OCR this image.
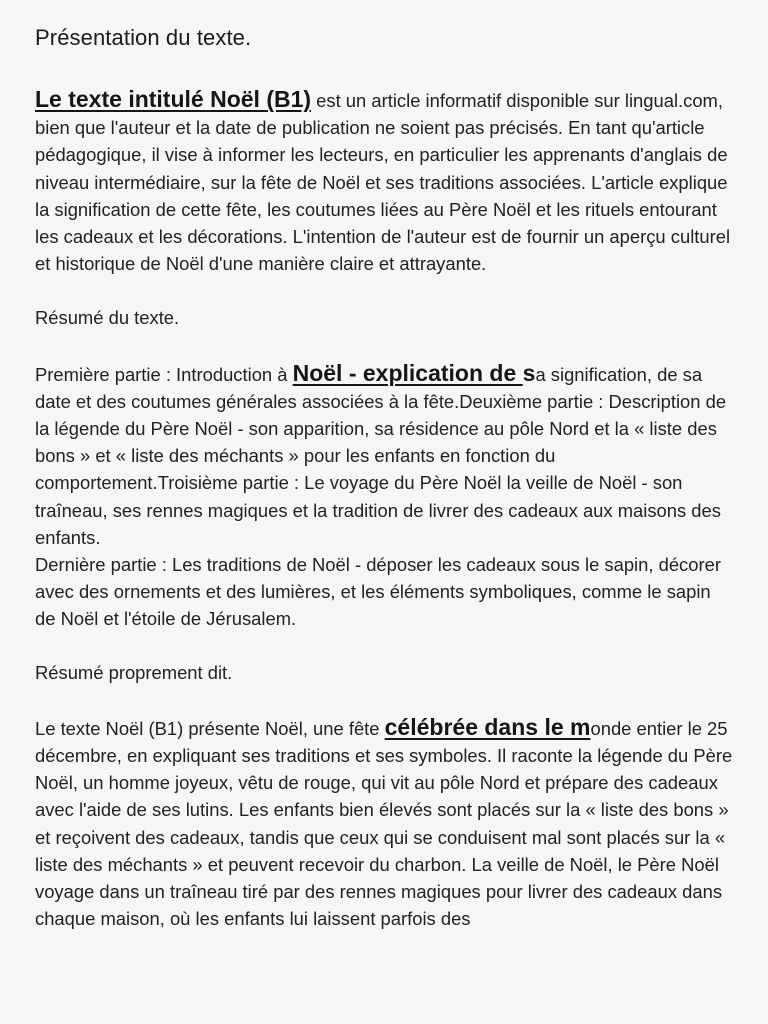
Présentation du texte.

Le texte intitulé Noël (B1) est un article informatif disponible sur lingual.com, bien que l'auteur et la date de publication ne soient pas précisés. En tant qu'article pédagogique, il vise à informer les lecteurs, en particulier les apprenants d'anglais de niveau intermédiaire, sur la fête de Noël et ses traditions associées. L'article explique la signification de cette fête, les coutumes liées au Père Noël et les rituels entourant les cadeaux et les décorations. L'intention de l'auteur est de fournir un aperçu culturel et historique de Noël d'une manière claire et attrayante.

Résumé du texte.

Première partie : Introduction à Noël - explication de sa signification, de sa date et des coutumes générales associées à la fête.Deuxième partie : Description de la légende du Père Noël - son apparition, sa résidence au pôle Nord et la « liste des bons » et « liste des méchants » pour les enfants en fonction du comportement.Troisième partie : Le voyage du Père Noël la veille de Noël - son traîneau, ses rennes magiques et la tradition de livrer des cadeaux aux maisons des enfants.
Dernière partie : Les traditions de Noël - déposer les cadeaux sous le sapin, décorer avec des ornements et des lumières, et les éléments symboliques, comme le sapin de Noël et l'étoile de Jérusalem.

Résumé proprement dit.

Le texte Noël (B1) présente Noël, une fête célébrée dans le monde entier le 25 décembre, en expliquant ses traditions et ses symboles. Il raconte la légende du Père Noël, un homme joyeux, vêtu de rouge, qui vit au pôle Nord et prépare des cadeaux avec l'aide de ses lutins. Les enfants bien élevés sont placés sur la « liste des bons » et reçoivent des cadeaux, tandis que ceux qui se conduisent mal sont placés sur la « liste des méchants » et peuvent recevoir du charbon. La veille de Noël, le Père Noël voyage dans un traîneau tiré par des rennes magiques pour livrer des cadeaux dans chaque maison, où les enfants lui laissent parfois des
